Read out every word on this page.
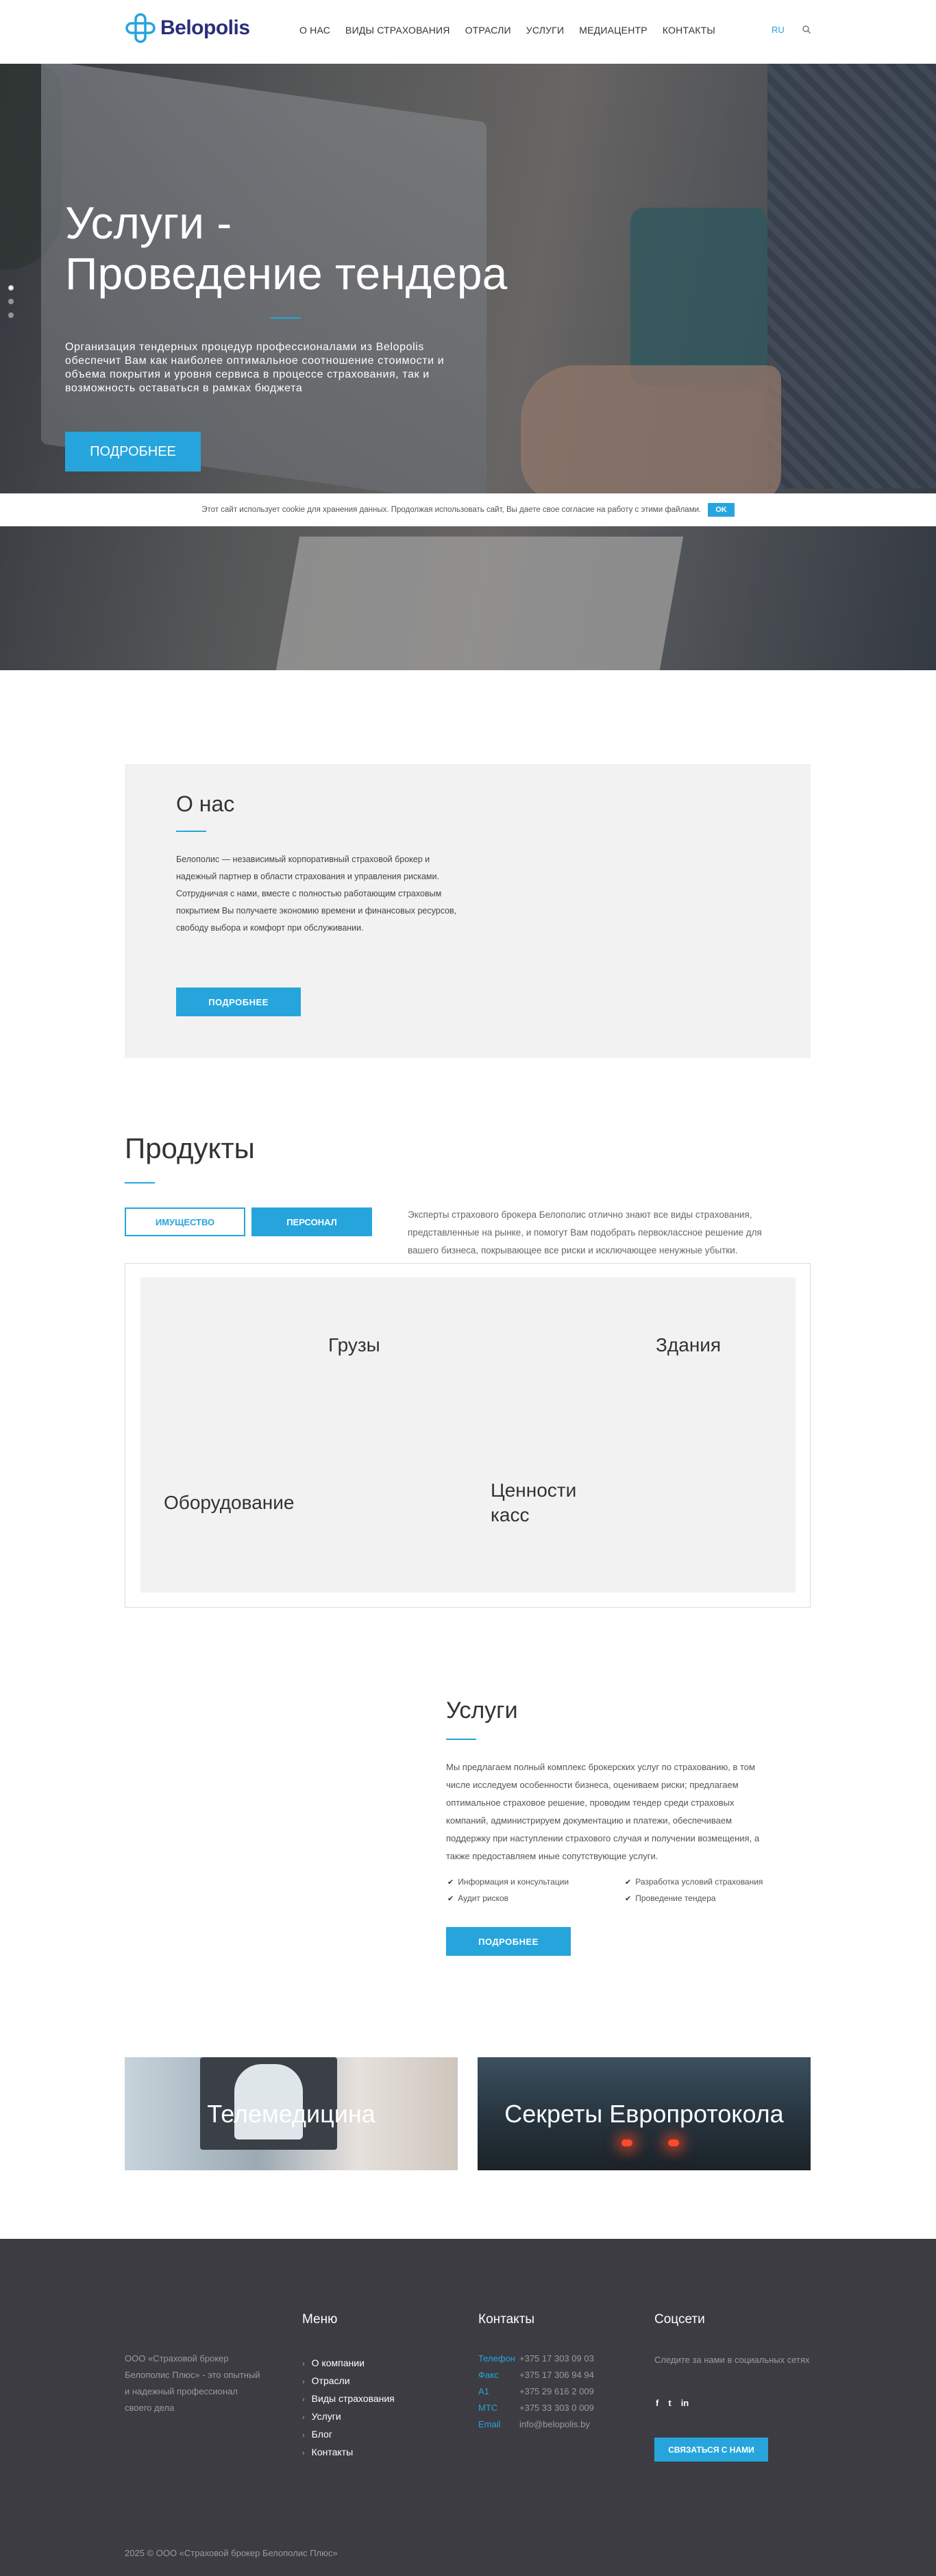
Belopolis	О НАС ВИДЫ СТРАХОВАНИЯ ОТРАСЛИ УСЛУГИ МЕДИАЦЕНТР КОНТАКТЫ	RU
Услуги -
Проведение тендера

Организация тендерных процедур профессионалами из Belopolis обеспечит Вам как наиболее оптимальное соотношение стоимости и объема покрытия и уровня сервиса в процессе страхования, так и возможность оставаться в рамках бюджета

ПОДРОБНЕЕ
Этот сайт использует cookie для хранения данных. Продолжая использовать сайт, Вы даете свое согласие на работу с этими файлами.	OK
О нас

Белополис — независимый корпоративный страховой брокер и надежный партнер в области страхования и управления рисками.

Сотрудничая с нами, вместе с полностью работающим страховым покрытием Вы получаете экономию времени и финансовых ресурсов, свободу выбора и комфорт при обслуживании.

ПОДРОБНЕЕ
Продукты
ИМУЩЕСТВО	ПЕРСОНАЛ

Эксперты страхового брокера Белополис отлично знают все виды страхования, представленные на рынке, и помогут Вам подобрать первоклассное решение для вашего бизнеса, покрывающее все риски и исключающее ненужные убытки.

Грузы	Здания
Оборудование
Ценности
касс
Услуги

Мы предлагаем полный комплекс брокерских услуг по страхованию, в том числе исследуем особенности бизнеса, оцениваем риски; предлагаем оптимальное страховое решение, проводим тендер среди страховых компаний, администрируем документацию и платежи, обеспечиваем поддержку при наступлении страхового случая и получении возмещения, а также предоставляем иные сопутствующие услуги.

✔ Информация и консультации	✔ Разработка условий страхования
✔ Аудит рисков	✔ Проведение тендера
ПОДРОБНЕЕ
Телемедицина	Секреты Европротокола

ООО «Страховой брокер Белополис Плюс» - это опытный и надежный профессионал своего дела

Меню
› О компании
› Отрасли
› Виды страхования
› Услуги
› Блог
› Контакты
Контакты
Телефон +375 17 303 09 03
Факс +375 17 306 94 94
A1	+375 29 616 2 009
МТС +375 33 303 0 009
Email info@belopolis.by
Соцсети

Следите за нами в социальных сетях

f t in
СВЯЗАТЬСЯ С НАМИ
2025 © ООО «Страховой брокер Белополис Плюс»
